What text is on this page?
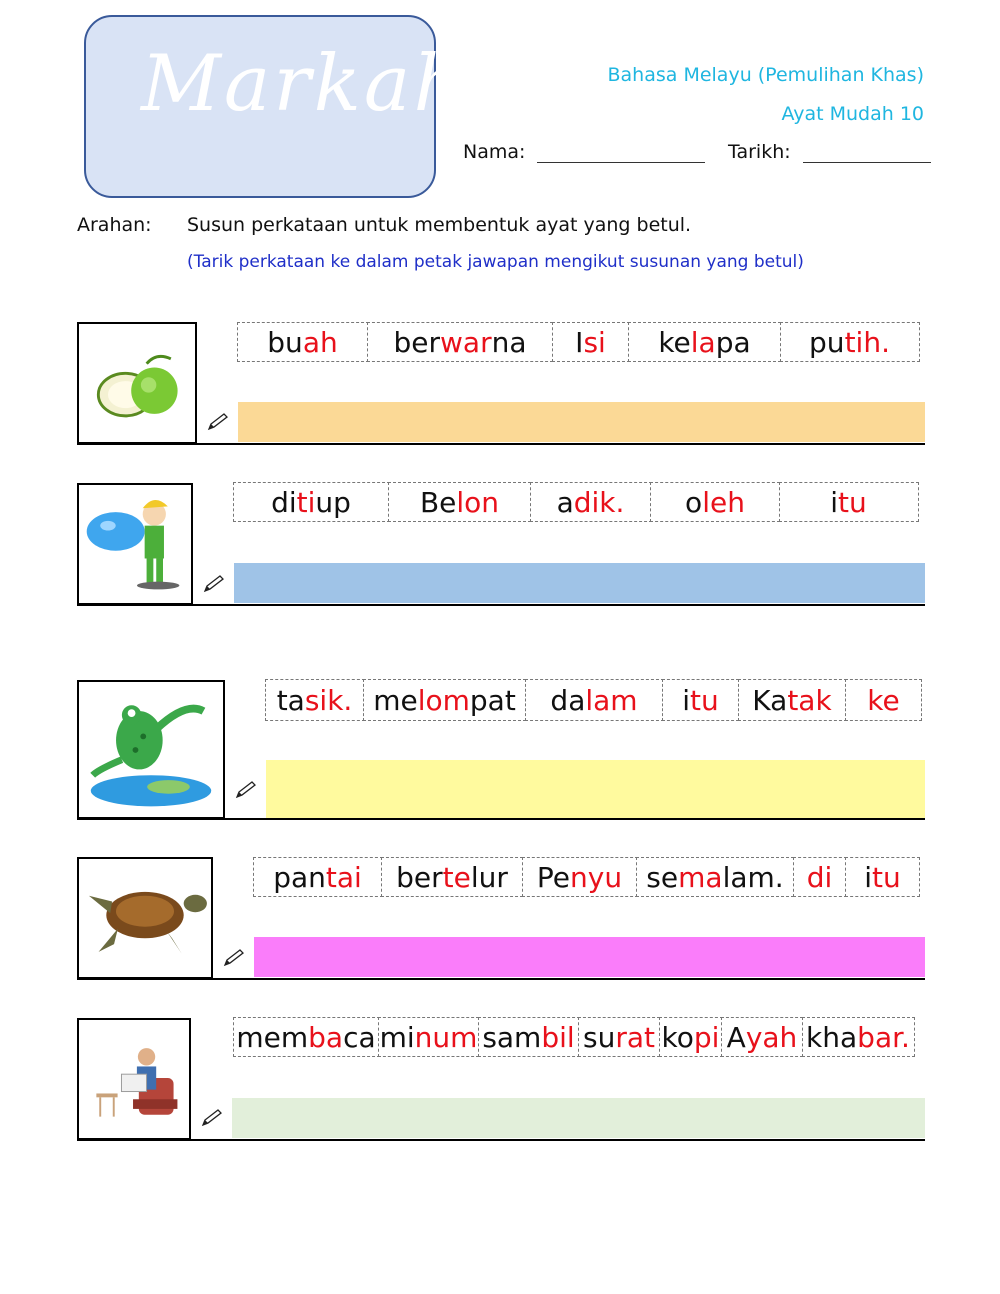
Markah	Bahasa Melayu (Pemulihan Khas)
Ayat Mudah 10
Nama:	Tarikh:
Arahan: Susun perkataan untuk membentuk ayat yang betul.
(Tarik perkataan ke dalam petak jawapan mengikut susunan yang betul)
bu ah ber war na I si ke la pa pu tih.
di ti up Be lon a dik. o leh	i tu
ta sik. me lom pat da lam i tu Ka tak ke
pan tai ber te lur Pe nyu se ma lam. di i tu
mem ba ca mi num sam bil su rat ko pi A yah kha bar.
